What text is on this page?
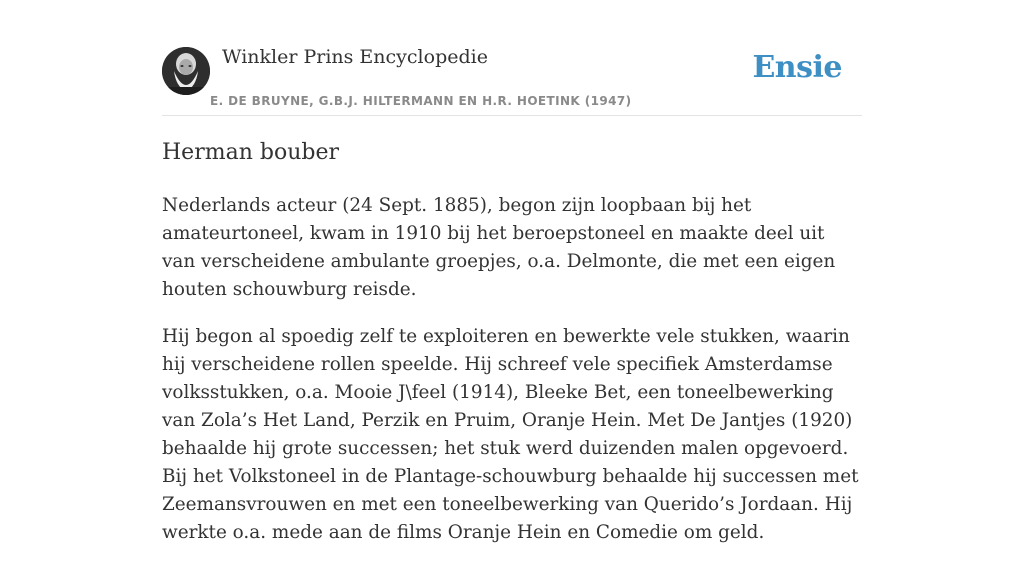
Winkler Prins Encyclopedie
E. DE BRUYNE, G.B.J. HILTERMANN EN H.R. HOETINK (1947)
Ensie
Herman bouber

Nederlands acteur (24 Sept. 1885), begon zijn loopbaan bij het amateurtoneel, kwam in 1910 bij het beroepstoneel en maakte deel uit van verscheidene ambulante groepjes, o.a. Delmonte, die met een eigen houten schouwburg reisde.

Hij begon al spoedig zelf te exploiteren en bewerkte vele stukken, waarin hij verscheidene rollen speelde. Hij schreef vele specifiek Amsterdamse volksstukken, o.a. Mooie J\feel (1914), Bleeke Bet, een toneelbewerking van Zola’s Het Land, Perzik en Pruim, Oranje Hein. Met De Jantjes (1920) behaalde hij grote successen; het stuk werd duizenden malen opgevoerd. Bij het Volkstoneel in de Plantage-schouwburg behaalde hij successen met Zeemansvrouwen en met een toneelbewerking van Querido’s Jordaan. Hij werkte o.a. mede aan de films Oranje Hein en Comedie om geld.
